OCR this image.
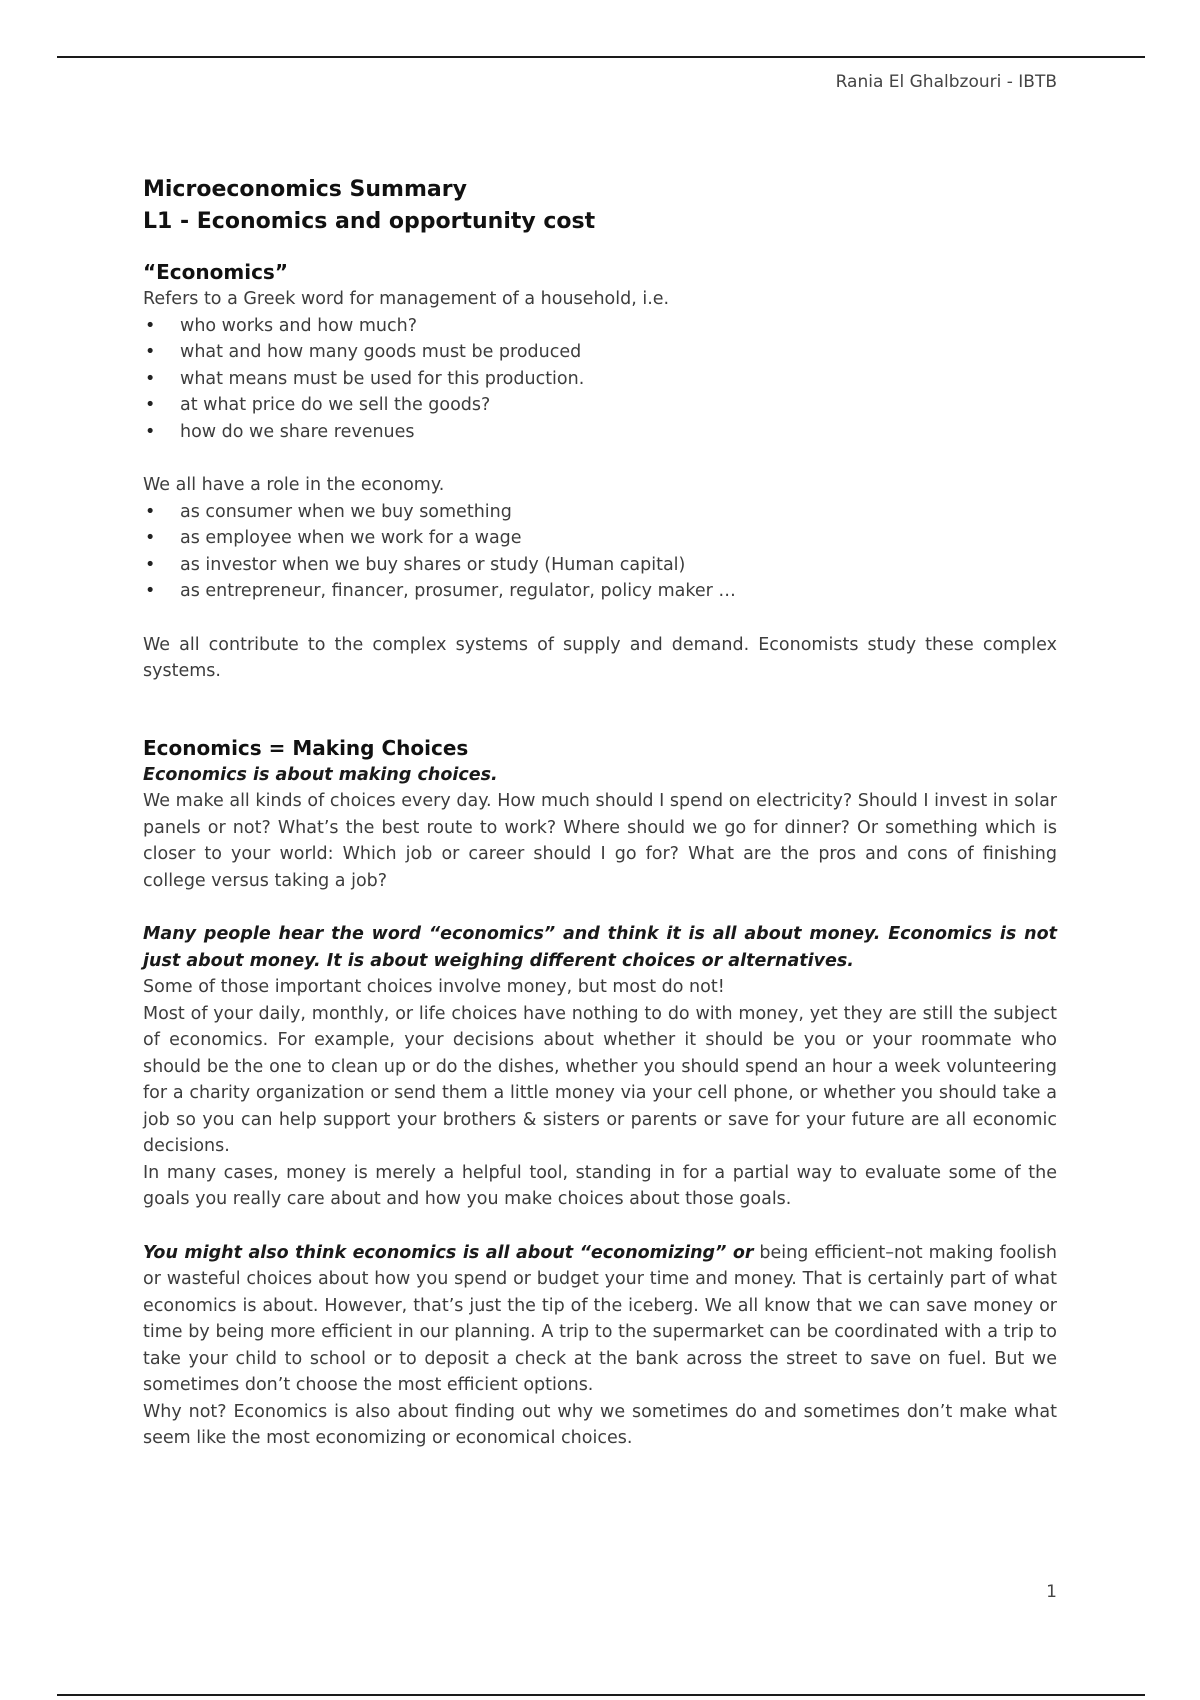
Rania El Ghalbzouri - IBTB
Microeconomics Summary
L1 - Economics and opportunity cost
“Economics”

Refers to a Greek word for management of a household, i.e.

• who works and how much?
• what and how many goods must be produced
• what means must be used for this production.
• at what price do we sell the goods?
• how do we share revenues

We all have a role in the economy.

• as consumer when we buy something
• as employee when we work for a wage
• as investor when we buy shares or study (Human capital)
• as entrepreneur, financer, prosumer, regulator, policy maker …

We all contribute to the complex systems of supply and demand. Economists study these complex systems.

Economics = Making Choices

Economics is about making choices.

We make all kinds of choices every day. How much should I spend on electricity? Should I invest in solar panels or not? What’s the best route to work? Where should we go for dinner? Or something which is closer to your world: Which job or career should I go for? What are the pros and cons of finishing college versus taking a job?

Many people hear the word “economics” and think it is all about money. Economics is not just about money. It is about weighing different choices or alternatives.

Some of those important choices involve money, but most do not!

Most of your daily, monthly, or life choices have nothing to do with money, yet they are still the subject of economics. For example, your decisions about whether it should be you or your roommate who should be the one to clean up or do the dishes, whether you should spend an hour a week volunteering for a charity organization or send them a little money via your cell phone, or whether you should take a job so you can help support your brothers & sisters or parents or save for your future are all economic decisions.

In many cases, money is merely a helpful tool, standing in for a partial way to evaluate some of the goals you really care about and how you make choices about those goals.

You might also think economics is all about “economizing” or being efficient–not making foolish or wasteful choices about how you spend or budget your time and money. That is certainly part of what economics is about. However, that’s just the tip of the iceberg. We all know that we can save money or time by being more efficient in our planning. A trip to the supermarket can be coordinated with a trip to take your child to school or to deposit a check at the bank across the street to save on fuel. But we sometimes don’t choose the most efficient options.

Why not? Economics is also about finding out why we sometimes do and sometimes don’t make what seem like the most economizing or economical choices.

1
